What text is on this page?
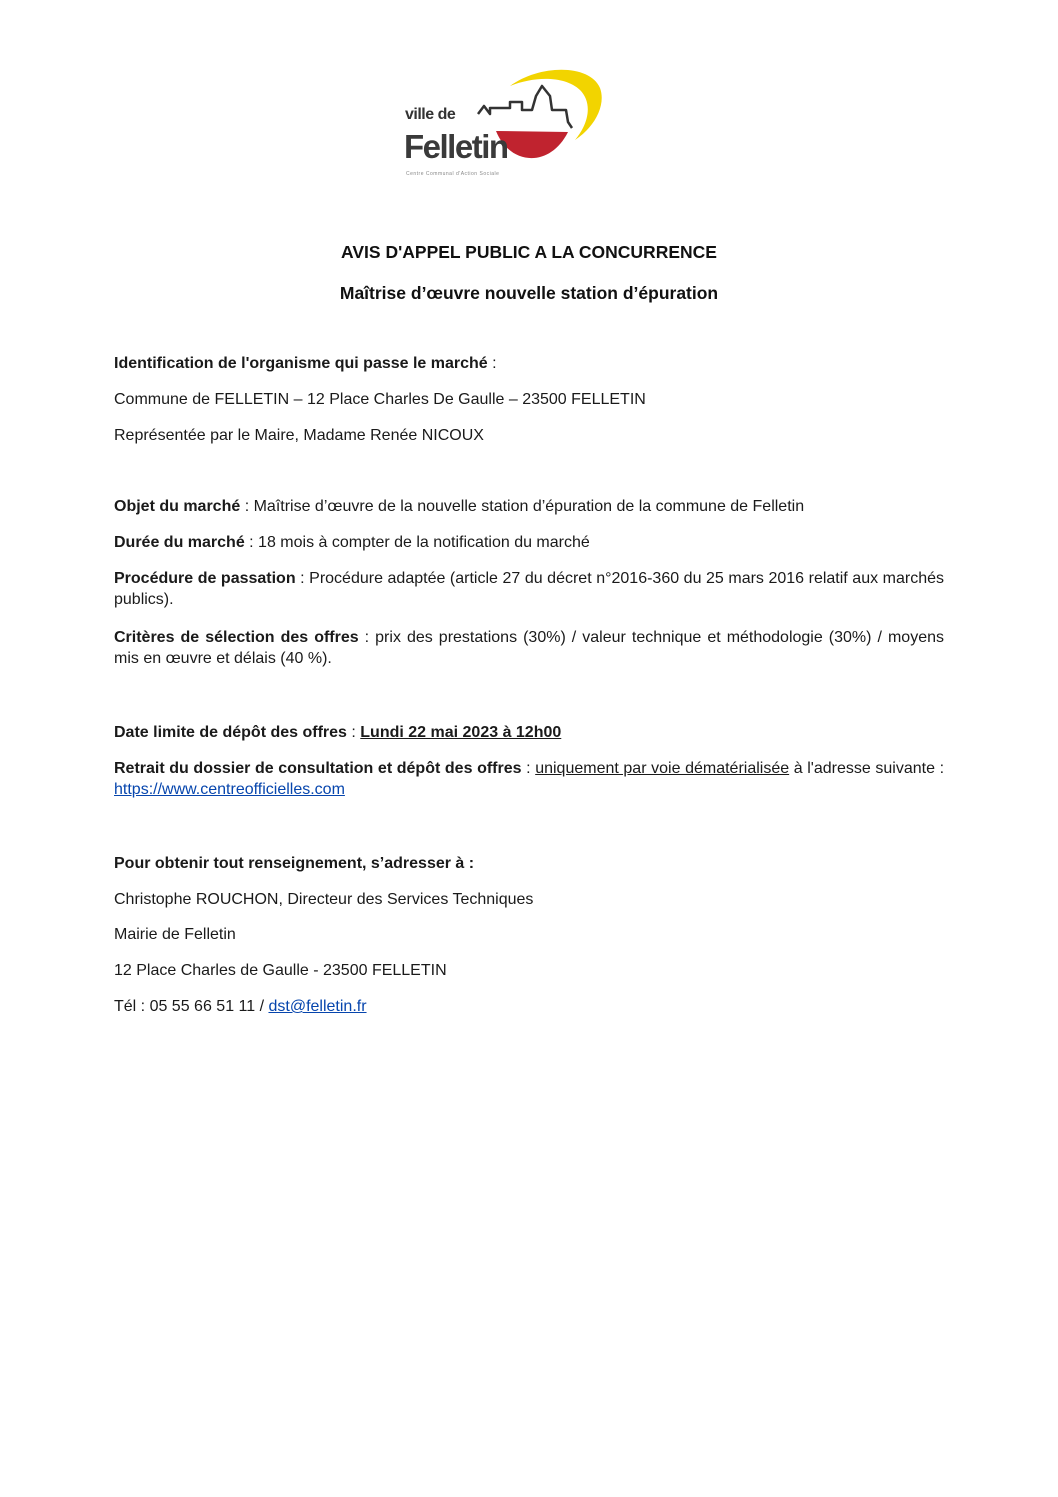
ville de
Felletin
Centre Communal d'Action Sociale
AVIS D'APPEL PUBLIC A LA CONCURRENCE
Maîtrise d’œuvre nouvelle station d’épuration
Identification de l'organisme qui passe le marché :
Commune de FELLETIN – 12 Place Charles De Gaulle – 23500 FELLETIN
Représentée par le Maire, Madame Renée NICOUX
Objet du marché : Maîtrise d’œuvre de la nouvelle station d’épuration de la commune de Felletin
Durée du marché : 18 mois à compter de la notification du marché
Procédure de passation : Procédure adaptée (article 27 du décret n°2016-360 du 25 mars 2016 relatif aux marchés publics).
Critères de sélection des offres : prix des prestations (30%) / valeur technique et méthodologie (30%) / moyens mis en œuvre et délais (40 %).
Date limite de dépôt des offres : Lundi 22 mai 2023 à 12h00
Retrait du dossier de consultation et dépôt des offres : uniquement par voie dématérialisée à l'adresse suivante : https://www.centreofficielles.com
Pour obtenir tout renseignement, s’adresser à :
Christophe ROUCHON, Directeur des Services Techniques
Mairie de Felletin
12 Place Charles de Gaulle - 23500 FELLETIN
Tél : 05 55 66 51 11 / dst@felletin.fr
